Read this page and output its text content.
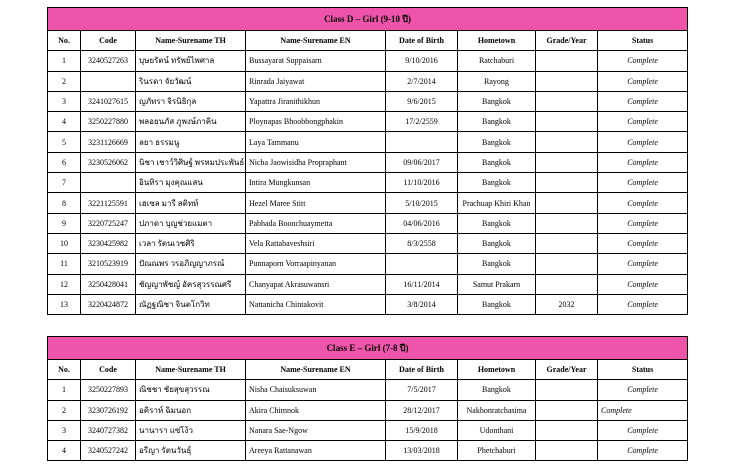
Class D – Girl (9-10 ปี)							
No.	Code	Name-Surename TH	Name-Surename EN	Date of Birth	Hometown	Grade/Year	Status
1	3240527263	บุษยรัตน์ ทรัพย์ไพศาล	Bussayarat Suppaisarn	9/10/2016	Ratchaburi		Complete
2		รินรดา จัยวัฒน์	Rinrada Jaiyawat	2/7/2014	Rayong		Complete
3	3241027615	ญภัทรา จิรนิธิกุล	Yapattra Jiranithikhun	9/6/2015	Bangkok		Complete
4	3250227880	พลอยนภัส ภูพงษ์ภาคิน	Ploynapas Bhoobbongphakin	17/2/2559	Bangkok		Complete
5	3231126669	ลยา ธรรมนู	Laya Tammanu		Bangkok		Complete
6	3230526062	นิชา เชาว์วิศิษฐ์ พรหมประพันธ์	Nicha Jaowisidha Propraphant	09/06/2017	Bangkok		Complete
7		อินทิรา มุงคุณแสน	Intira Mungkunsan	11/10/2016	Bangkok		Complete
8	3221125591	เฮเซล มารี สติทท์	Hezel Maree Stitt	5/10/2015	Prachuap Khiri Khan		Complete
9	3220725247	ปภาดา บุญช่วยแมตา	Pabhada Boonchuaymetta	04/06/2016	Bangkok		Complete
10	3230425982	เวลา รัตนเวชศิริ	Vela Rattabaveshsiri	8/3/2558	Bangkok		Complete
11	3210523919	ปัณณพร วรอภิญญาภรณ์	Punnaporn Vorraapinyanan		Bangkok		Complete
12	3250428041	ชัญญาพัชญ์ อัครสุวรรณศรี	Chanyapat Akrasuwansri	16/11/2014	Samut Prakarn		Complete
13	3220424872	ณัฏฐณิชา จินตโกวิท	Nattanicha Chintakovit	3/8/2014	Bangkok	2032	Complete
Class E – Girl (7-8 ปี)							
No.	Code	Name-Surename TH	Name-Surename EN	Date of Birth	Hometown	Grade/Year	Status
1	3250227893	ณิชชา ชัยสุขสุวรรณ	Nisha Chaisuksuwan	7/5/2017	Bangkok		Complete
2	3230726192	อคิราห์ ฉิมนอก	Akira Chimnok	28/12/2017	Nakhonratchasima		Complete
3	3240727382	นานารา แซ่โง้ว	Nanara Sae-Ngow	15/9/2018	Udonthani		Complete
4	3240527242	อรีญา รัตนวันธุ์	Areeya Rattanawan	13/03/2018	Phetchaburi		Complete
